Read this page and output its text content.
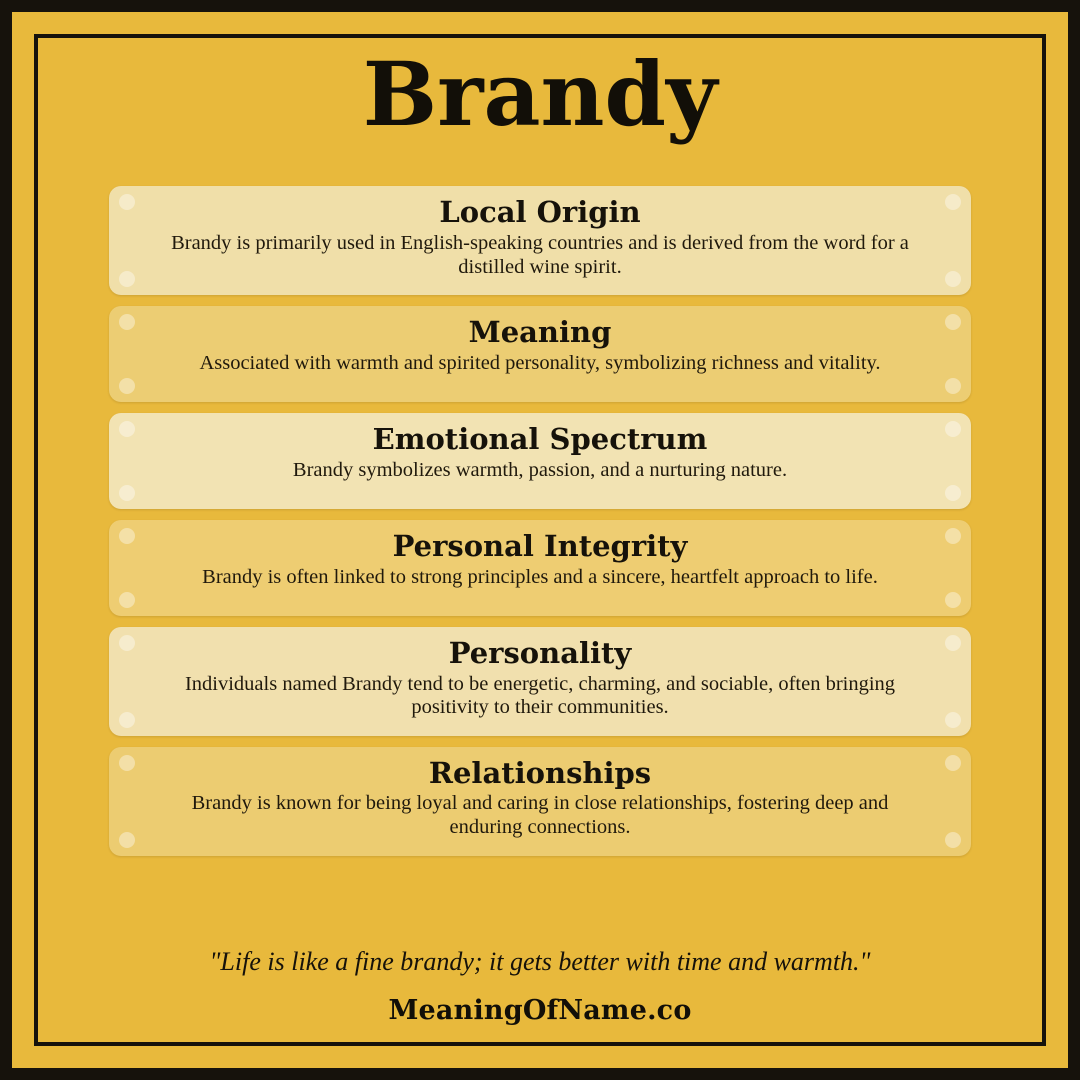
Brandy
Local Origin

Brandy is primarily used in English-speaking countries and is derived from the word for a distilled wine spirit.

Meaning

Associated with warmth and spirited personality, symbolizing richness and vitality.

Emotional Spectrum

Brandy symbolizes warmth, passion, and a nurturing nature.

Personal Integrity

Brandy is often linked to strong principles and a sincere, heartfelt approach to life.

Personality

Individuals named Brandy tend to be energetic, charming, and sociable, often bringing positivity to their communities.

Relationships

Brandy is known for being loyal and caring in close relationships, fostering deep and enduring connections.

"Life is like a fine brandy; it gets better with time and warmth."
MeaningOfName.co
